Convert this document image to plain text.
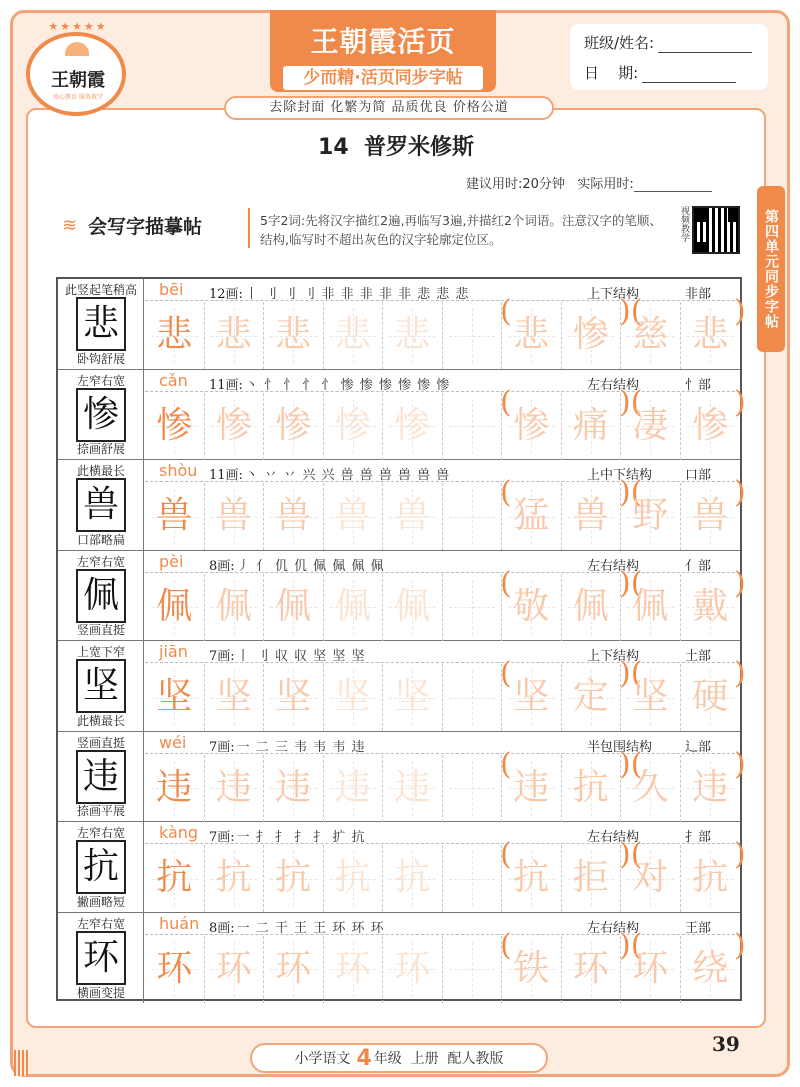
★★★★★
王朝霞
用心教育 服务教学
王朝霞活页
少而精·活页同步字帖
去除封面 化繁为简 品质优良 价格公道
班级/姓名:
日    期:
14  普罗米修斯
建议用时:20分钟   实际用时:
第四单元同步字帖
≋ 会写字描摹帖	5字2词:先将汉字描红2遍,再临写3遍,并描红2个词语。注意汉字的笔顺、结构,临写时不超出灰色的汉字轮廓定位区。	视频教学
此竖起笔稍高
悲
卧钩舒展
bēi 12画: 丨 刂 刂 刂 非 非 非 非 非 悲 悲 悲	上下结构	非部
悲 悲 悲 悲 悲	悲 惨 慈 悲
(	)(	)
左窄右宽
惨
捺画舒展
cǎn 11画: 丶 忄 忄 忄 忄 惨 惨 惨 惨 惨 惨	左右结构	忄部
惨 惨 惨 惨 惨	惨 痛 凄 惨
(	)(	)
此横最长
兽
口部略扁
shòu 11画: 丶 丷 丷 兴 兴 兽 兽 兽 兽 兽 兽	上中下结构	口部
兽 兽 兽 兽 兽	猛 兽 野 兽
(	)(	)
左窄右宽
佩
竖画直挺
pèi 8画: 丿 亻 仉 仉 佩 佩 佩 佩	左右结构	亻部
佩 佩 佩 佩 佩	敬 佩 佩 戴
(	)(	)
上宽下窄
坚
此横最长
jiān 7画: 丨 刂 収 収 坚 坚 坚	上下结构	土部
坚 坚 坚 坚 坚	坚 定 坚 硬
(	)(	)
竖画直挺
违
捺画平展
wéi 7画: 一 二 三 韦 韦 韦 违	半包围结构	辶部
违 违 违 违 违	违 抗 久 违
(	)(	)
左窄右宽
抗
撇画略短
kàng 7画: 一 扌 扌 扌 扌 扩 抗	左右结构	扌部
抗 抗 抗 抗 抗	抗 拒 对 抗
(	)(	)
左窄右宽
环
横画变提
huán 8画: 一 二 干 王 王 环 环 环	左右结构	王部
环 环 环 环 环	铁 环 环 绕
(	)(	)
小学语文 4 年级  上册  配人教版
39
